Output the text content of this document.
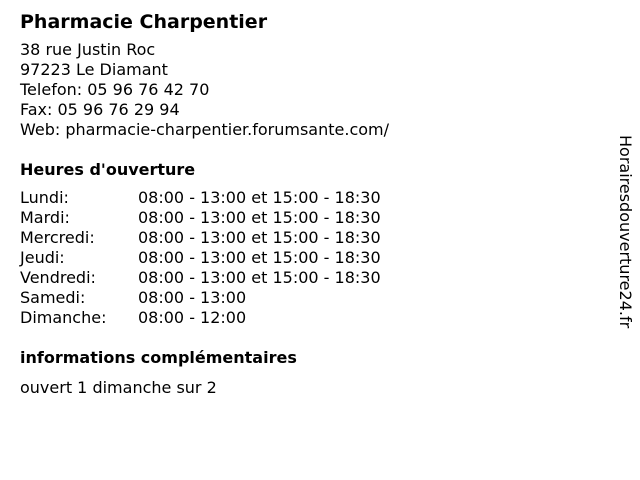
Pharmacie Charpentier
38 rue Justin Roc
97223 Le Diamant
Telefon: 05 96 76 42 70
Fax: 05 96 76 29 94
Web: pharmacie-charpentier.forumsante.com/
Heures d'ouverture
Lundi:	08:00 - 13:00 et 15:00 - 18:30
Mardi:	08:00 - 13:00 et 15:00 - 18:30
Mercredi:	08:00 - 13:00 et 15:00 - 18:30
Jeudi:	08:00 - 13:00 et 15:00 - 18:30
Vendredi:	08:00 - 13:00 et 15:00 - 18:30
Samedi:	08:00 - 13:00
Dimanche:	08:00 - 12:00
informations complémentaires
ouvert 1 dimanche sur 2
Horairesdouverture24.fr
